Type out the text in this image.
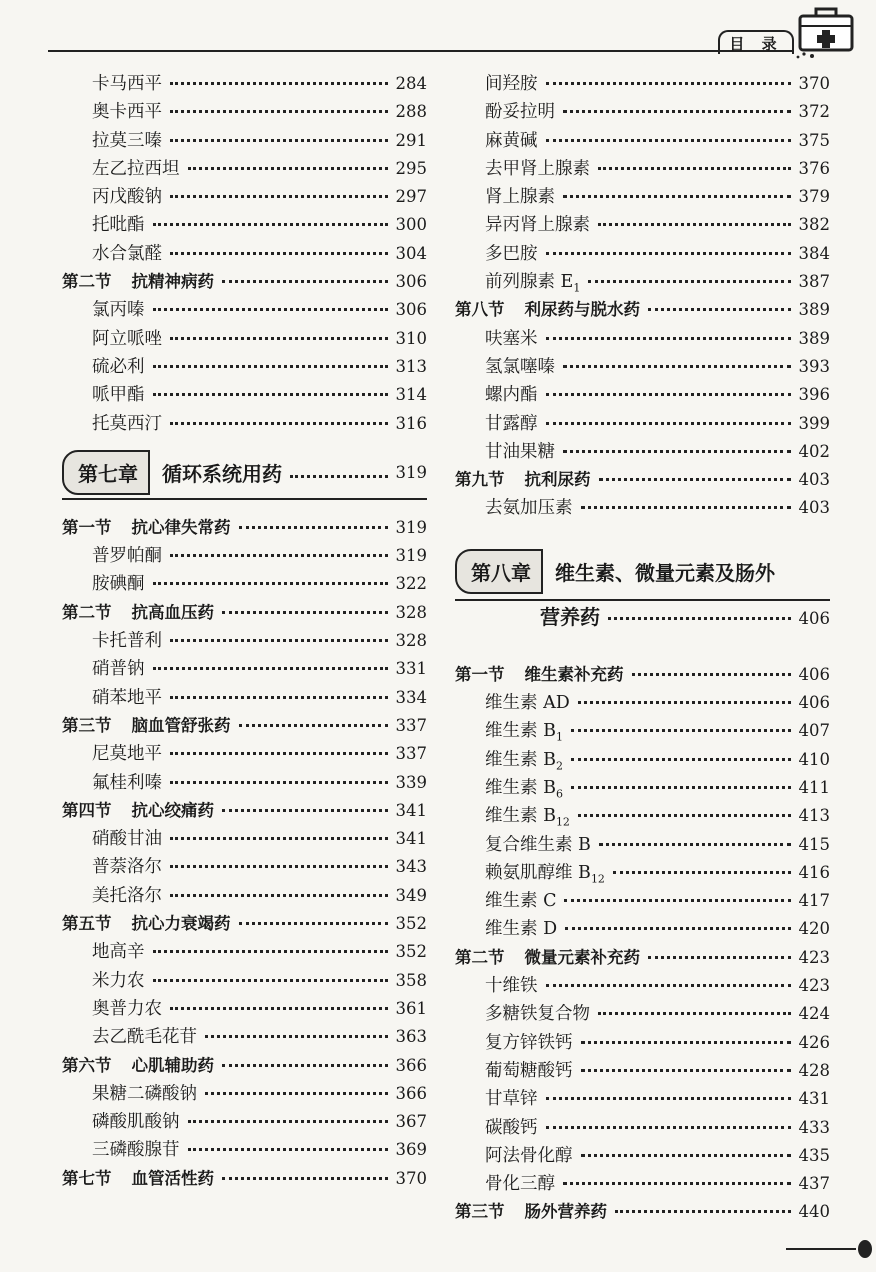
目 录
卡马西平	284
奥卡西平	288
拉莫三嗪	291
左乙拉西坦	295
丙戊酸钠	297
托吡酯	300
水合氯醛	304
第二节 抗精神病药	306
氯丙嗪	306
阿立哌唑	310
硫必利	313
哌甲酯	314
托莫西汀	316
第七章	循环系统用药	319
第一节 抗心律失常药	319
普罗帕酮	319
胺碘酮	322
第二节 抗高血压药	328
卡托普利	328
硝普钠	331
硝苯地平	334
第三节 脑血管舒张药	337
尼莫地平	337
氟桂利嗪	339
第四节 抗心绞痛药	341
硝酸甘油	341
普萘洛尔	343
美托洛尔	349
第五节 抗心力衰竭药	352
地高辛	352
米力农	358
奥普力农	361
去乙酰毛花苷	363
第六节 心肌辅助药	366
果糖二磷酸钠	366
磷酸肌酸钠	367
三磷酸腺苷	369
第七节 血管活性药	370
间羟胺	370
酚妥拉明	372
麻黄碱	375
去甲肾上腺素	376
肾上腺素	379
异丙肾上腺素	382
多巴胺	384
前列腺素 $E_1$	387
第八节 利尿药与脱水药	389
呋塞米	389
氢氯噻嗪	393
螺内酯	396
甘露醇	399
甘油果糖	402
第九节 抗利尿药	403
去氨加压素	403
第八章	维生素、微量元素及肠外
营养药	406
第一节 维生素补充药	406
维生素 AD	406
维生素 $B_1$	407
维生素 $B_2$	410
维生素 $B_6$	411
维生素 $B_{12}$	413
复合维生素 B	415
赖氨肌醇维 $B_{12}$	416
维生素 C	417
维生素 D	420
第二节 微量元素补充药	423
十维铁	423
多糖铁复合物	424
复方锌铁钙	426
葡萄糖酸钙	428
甘草锌	431
碳酸钙	433
阿法骨化醇	435
骨化三醇	437
第三节 肠外营养药	440
